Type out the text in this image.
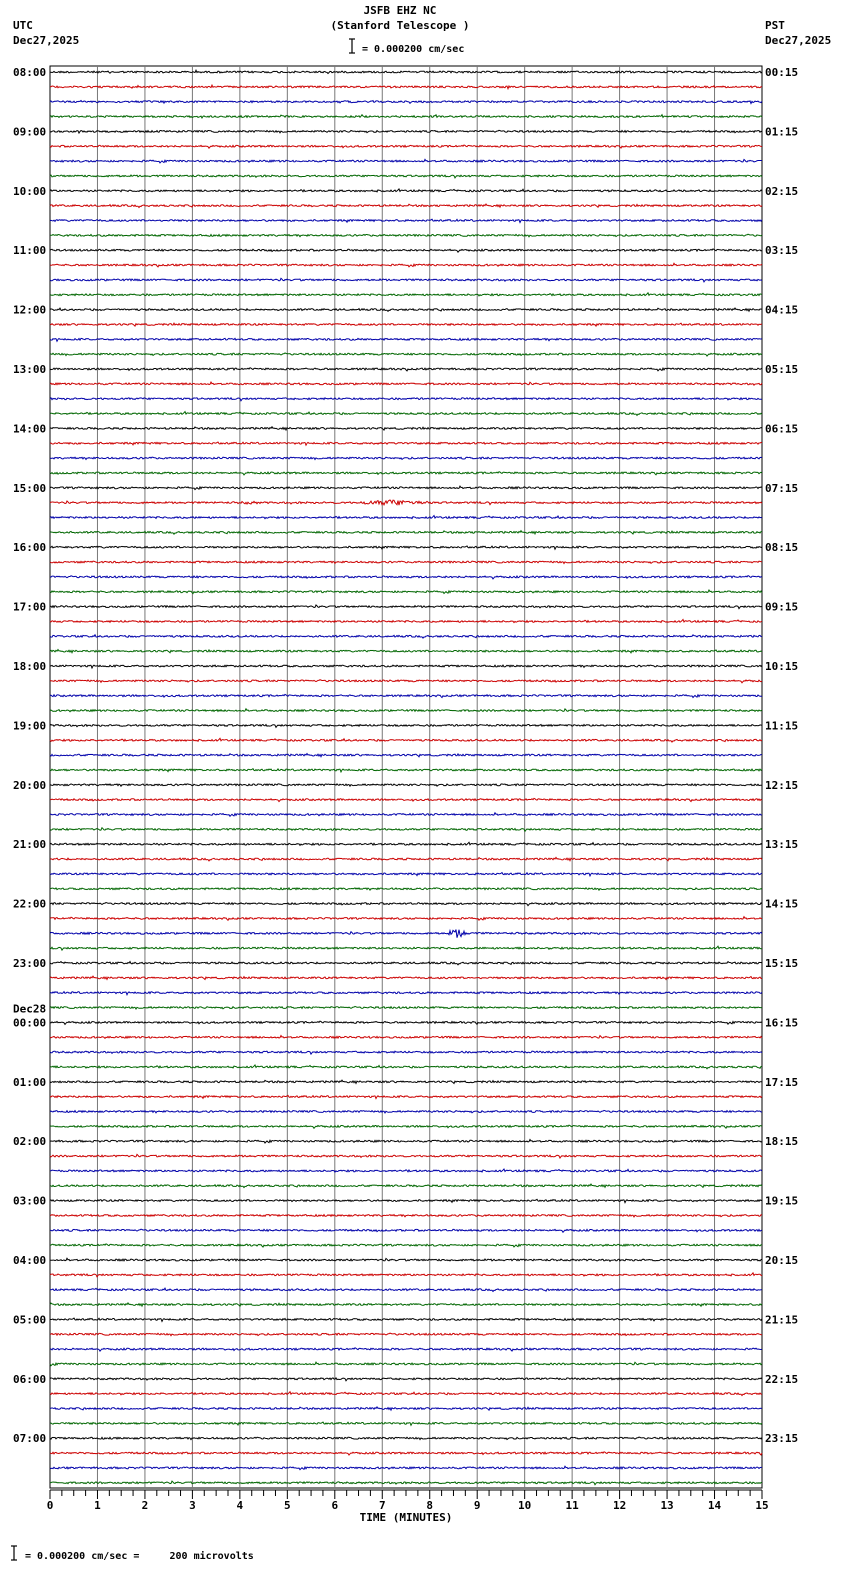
JSFB EHZ NC
(Stanford Telescope )
= 0.000200 cm/sec
UTC
Dec27,2025
PST
Dec27,2025
= 0.000200 cm/sec =     200 microvolts
08:00	00:15
09:00	01:15
10:00	02:15
11:00	03:15
12:00	04:15
13:00	05:15
14:00	06:15
15:00	07:15
16:00	08:15
17:00	09:15
18:00	10:15
19:00	11:15
20:00	12:15
21:00	13:15
22:00	14:15
23:00	15:15
00:00	16:15
01:00	17:15
02:00	18:15
03:00	19:15
04:00	20:15
05:00	21:15
06:00	22:15
07:00	23:15
Dec28
0	1	2	3	4	5	6	7	8	9	10	11	12	13	14	15
TIME (MINUTES)
